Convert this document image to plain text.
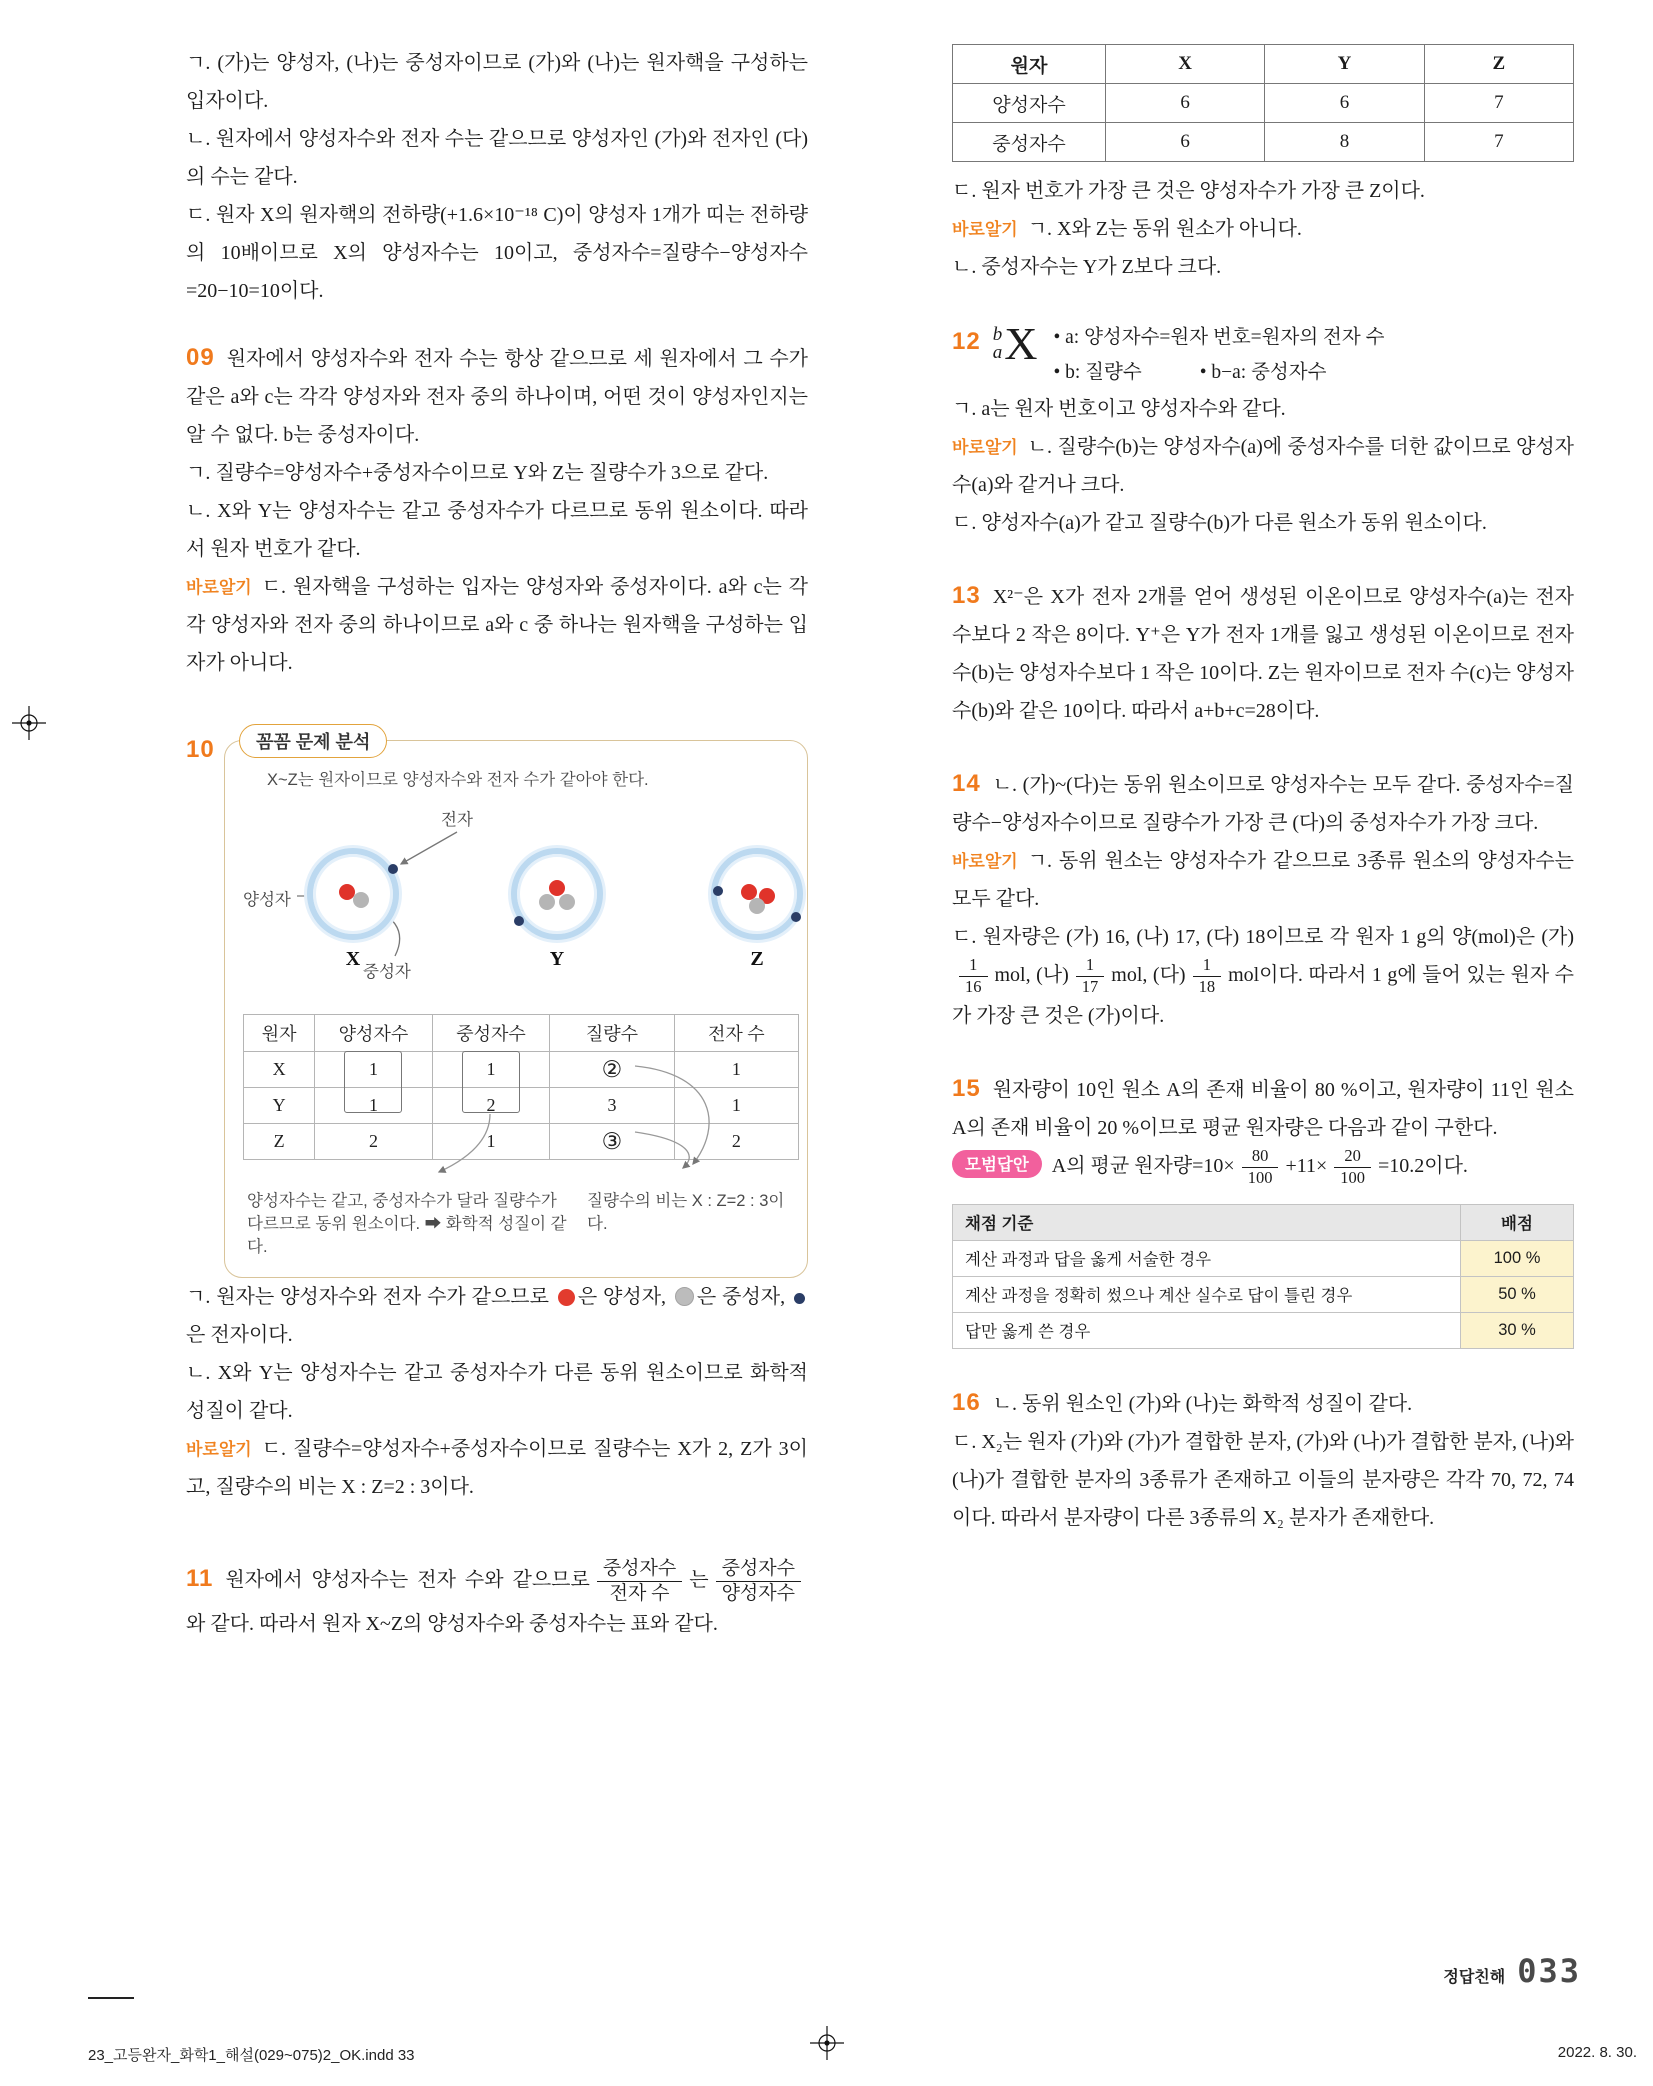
ㄱ. (가)는 양성자, (나)는 중성자이므로 (가)와 (나)는 원자핵을 구성하는 입자이다.

ㄴ. 원자에서 양성자수와 전자 수는 같으므로 양성자인 (가)와 전자인 (다)의 수는 같다.

ㄷ. 원자 X의 원자핵의 전하량(+1.6×10⁻¹⁸ C)이 양성자 1개가 띠는 전하량의 10배이므로 X의 양성자수는 10이고, 중성자수=질량수−양성자수=20−10=10이다.

09 원자에서 양성자수와 전자 수는 항상 같으므로 세 원자에서 그 수가 같은 a와 c는 각각 양성자와 전자 중의 하나이며, 어떤 것이 양성자인지는 알 수 없다. b는 중성자이다.

ㄱ. 질량수=양성자수+중성자수이므로 Y와 Z는 질량수가 3으로 같다.

ㄴ. X와 Y는 양성자수는 같고 중성자수가 다르므로 동위 원소이다. 따라서 원자 번호가 같다.

바로알기 ㄷ. 원자핵을 구성하는 입자는 양성자와 중성자이다. a와 c는 각각 양성자와 전자 중의 하나이므로 a와 c 중 하나는 원자핵을 구성하는 입자가 아니다.

10	꼼꼼 문제 분석

X~Z는 원자이므로 양성자수와 전자 수가 같아야 한다.

전자
양성자
중성자
X	Y	Z
원자	양성자수	중성자수	질량수	전자 수
X	1	1	②	1
Y	1	2	3	1
Z	2	1	③	2

양성자수는 같고, 중성자수가 달라 질량수가 다르므로 동위 원소이다. ➡ 화학적 성질이 같다.

질량수의 비는 X : Z=2 : 3이다.

ㄱ. 원자는 양성자수와 전자 수가 같으므로 은 양성자, 은 중성자, 은 전자이다.

ㄴ. X와 Y는 양성자수는 같고 중성자수가 다른 동위 원소이므로 화학적 성질이 같다.

바로알기 ㄷ. 질량수=양성자수+중성자수이므로 질량수는 X가 2, Z가 3이고, 질량수의 비는 X : Z=2 : 3이다.

11 원자에서 양성자수는 전자 수와 같으므로
중성자수
전자 수
는
중성자수
양성자수
와 같다. 따라서 원자 X~Z의 양성자수와 중성자수는 표와 같다.

원자	X	Y	Z
양성자수	6	6	7
중성자수	6	8	7

ㄷ. 원자 번호가 가장 큰 것은 양성자수가 가장 큰 Z이다.

바로알기 ㄱ. X와 Z는 동위 원소가 아니다.

ㄴ. 중성자수는 Y가 Z보다 크다.

12 b
a X • a: 양성자수=원자 번호=원자의 전자 수
• b: 질량수	• b−a: 중성자수

ㄱ. a는 원자 번호이고 양성자수와 같다.

바로알기 ㄴ. 질량수(b)는 양성자수(a)에 중성자수를 더한 값이므로 양성자수(a)와 같거나 크다.

ㄷ. 양성자수(a)가 같고 질량수(b)가 다른 원소가 동위 원소이다.

13 X²⁻은 X가 전자 2개를 얻어 생성된 이온이므로 양성자수(a)는 전자 수보다 2 작은 8이다. Y⁺은 Y가 전자 1개를 잃고 생성된 이온이므로 전자 수(b)는 양성자수보다 1 작은 10이다. Z는 원자이므로 전자 수(c)는 양성자수(b)와 같은 10이다. 따라서 a+b+c=28이다.

14 ㄴ. (가)~(다)는 동위 원소이므로 양성자수는 모두 같다. 중성자수=질량수−양성자수이므로 질량수가 가장 큰 (다)의 중성자수가 가장 크다.

바로알기 ㄱ. 동위 원소는 양성자수가 같으므로 3종류 원소의 양성자수는 모두 같다.

ㄷ. 원자량은 (가) 16, (나) 17, (다) 18이므로 각 원자 1 g의 양(mol)은 (가)
$\frac{1}{16}$ mol, (나) $\frac{1}{17}$ mol, (다) $\frac{1}{18}$ mol이다. 따라서 1 g에 들어 있는 원자 수가 가장 큰 것은 (가)이다.

15 원자량이 10인 원소 A의 존재 비율이 80 %이고, 원자량이 11인 원소 A의 존재 비율이 20 %이므로 평균 원자량은 다음과 같이 구한다.

모범답안 A의 평균 원자량$=10\times \frac{80}{100} +11\times \frac{20}{100} =10.2$이다.

채점 기준	배점
계산 과정과 답을 옳게 서술한 경우	100 %
계산 과정을 정확히 썼으나 계산 실수로 답이 틀린 경우	50 %
답만 옳게 쓴 경우	30 %

16 ㄴ. 동위 원소인 (가)와 (나)는 화학적 성질이 같다.

ㄷ. X₂는 원자 (가)와 (가)가 결합한 분자, (가)와 (나)가 결합한 분자, (나)와 (나)가 결합한 분자의 3종류가 존재하고 이들의 분자량은 각각 70, 72, 74이다. 따라서 분자량이 다른 3종류의 X₂ 분자가 존재한다.

정답친해 033
23_고등완자_화학1_해설(029~075)2_OK.indd 33	2022. 8. 30.
